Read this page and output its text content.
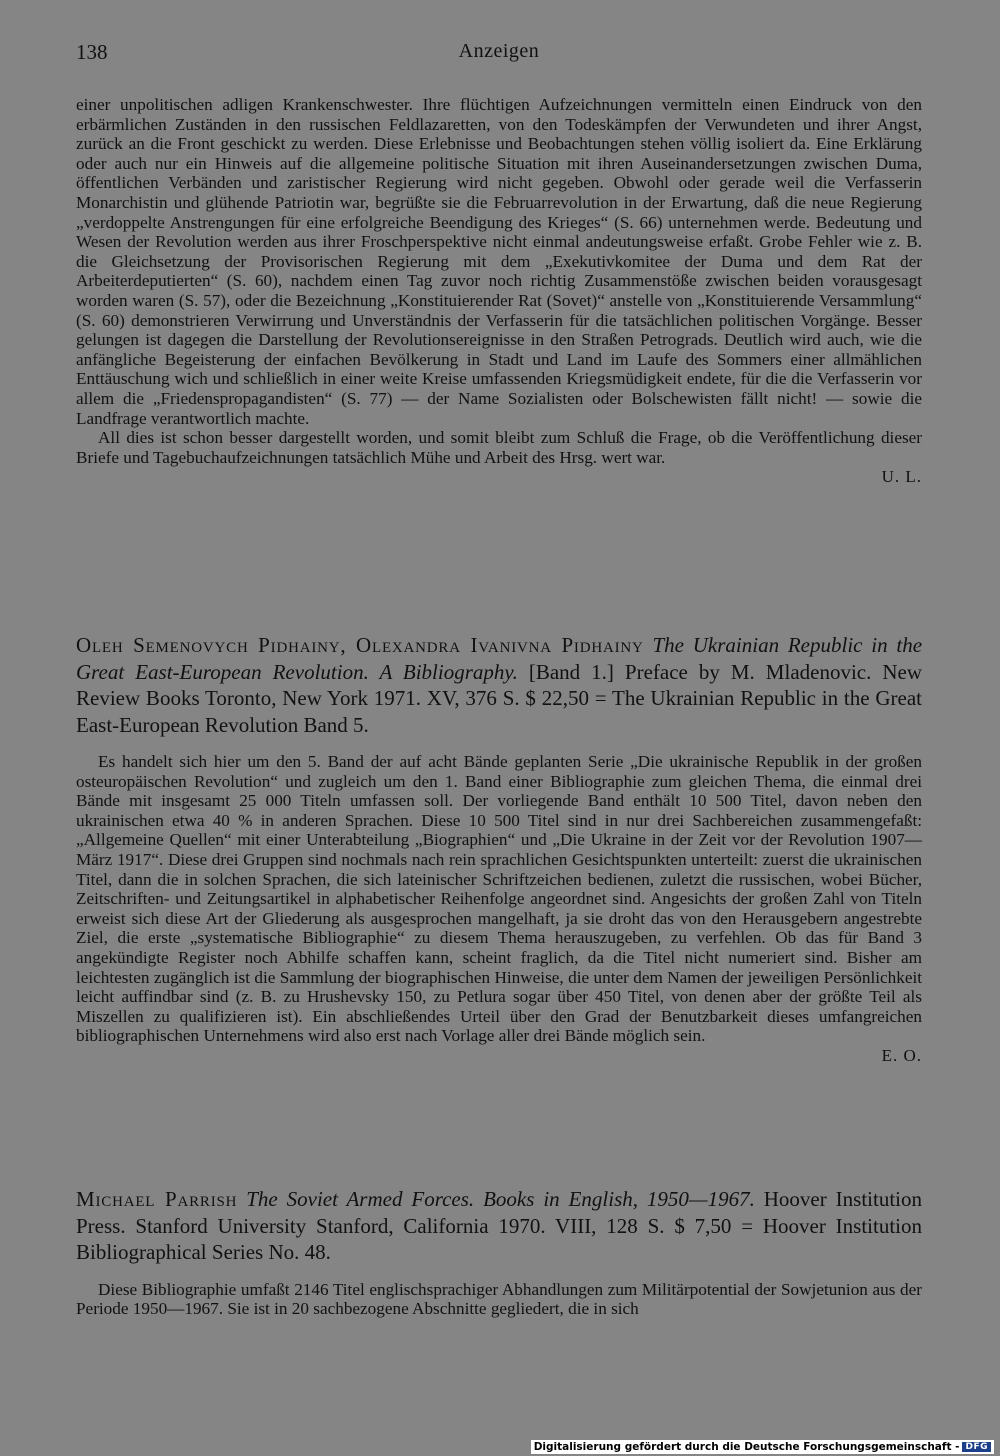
138	Anzeigen

einer unpolitischen adligen Krankenschwester. Ihre flüchtigen Aufzeichnungen vermitteln einen Eindruck von den erbärmlichen Zuständen in den russischen Feldlazaretten, von den Todeskämpfen der Verwundeten und ihrer Angst, zurück an die Front geschickt zu werden. Diese Erlebnisse und Beobachtungen stehen völlig isoliert da. Eine Erklärung oder auch nur ein Hinweis auf die allgemeine politische Situation mit ihren Auseinandersetzungen zwischen Duma, öffentlichen Verbänden und zaristischer Regierung wird nicht gegeben. Obwohl oder gerade weil die Verfasserin Monarchistin und glühende Patriotin war, begrüßte sie die Februarrevolution in der Erwartung, daß die neue Regierung „verdoppelte Anstrengungen für eine erfolgreiche Beendigung des Krieges“ (S. 66) unternehmen werde. Bedeutung und Wesen der Revolution werden aus ihrer Froschperspektive nicht einmal andeutungsweise erfaßt. Grobe Fehler wie z. B. die Gleichsetzung der Provisorischen Regierung mit dem „Exekutivkomitee der Duma und dem Rat der Arbeiterdeputierten“ (S. 60), nachdem einen Tag zuvor noch richtig Zusammenstöße zwischen beiden vorausgesagt worden waren (S. 57), oder die Bezeichnung „Konstituierender Rat (Sovet)“ anstelle von „Konstituierende Versammlung“ (S. 60) demonstrieren Verwirrung und Unverständnis der Verfasserin für die tatsächlichen politischen Vorgänge. Besser gelungen ist dagegen die Darstellung der Revolutionsereignisse in den Straßen Petrograds. Deutlich wird auch, wie die anfängliche Begeisterung der einfachen Bevölkerung in Stadt und Land im Laufe des Sommers einer allmählichen Enttäuschung wich und schließlich in einer weite Kreise umfassenden Kriegsmüdigkeit endete, für die die Verfasserin vor allem die „Friedenspropagandisten“ (S. 77) — der Name Sozialisten oder Bolschewisten fällt nicht! — sowie die Landfrage verantwortlich machte.

All dies ist schon besser dargestellt worden, und somit bleibt zum Schluß die Frage, ob die Veröffentlichung dieser Briefe und Tagebuchaufzeichnungen tatsächlich Mühe und Arbeit des Hrsg. wert war.

U. L.

Oleh Semenovych Pidhainy, Olexandra Ivanivna Pidhainy The Ukrainian Republic in the Great East-European Revolution. A Bibliography. [Band 1.] Preface by M. Mladenovic. New Review Books Toronto, New York 1971. XV, 376 S. $ 22,50 = The Ukrainian Republic in the Great East-European Revolution Band 5.

Es handelt sich hier um den 5. Band der auf acht Bände geplanten Serie „Die ukrainische Republik in der großen osteuropäischen Revolution“ und zugleich um den 1. Band einer Bibliographie zum gleichen Thema, die einmal drei Bände mit insgesamt 25 000 Titeln umfassen soll. Der vorliegende Band enthält 10 500 Titel, davon neben den ukrainischen etwa 40 % in anderen Sprachen. Diese 10 500 Titel sind in nur drei Sachbereichen zusammengefaßt: „Allgemeine Quellen“ mit einer Unterabteilung „Biographien“ und „Die Ukraine in der Zeit vor der Revolution 1907—März 1917“. Diese drei Gruppen sind nochmals nach rein sprachlichen Gesichtspunkten unterteilt: zuerst die ukrainischen Titel, dann die in solchen Sprachen, die sich lateinischer Schriftzeichen bedienen, zuletzt die russischen, wobei Bücher, Zeitschriften- und Zeitungsartikel in alphabetischer Reihenfolge angeordnet sind. Angesichts der großen Zahl von Titeln erweist sich diese Art der Gliederung als ausgesprochen mangelhaft, ja sie droht das von den Herausgebern angestrebte Ziel, die erste „systematische Bibliographie“ zu diesem Thema herauszugeben, zu verfehlen. Ob das für Band 3 angekündigte Register noch Abhilfe schaffen kann, scheint fraglich, da die Titel nicht numeriert sind. Bisher am leichtesten zugänglich ist die Sammlung der biographischen Hinweise, die unter dem Namen der jeweiligen Persönlichkeit leicht auffindbar sind (z. B. zu Hrushevsky 150, zu Petlura sogar über 450 Titel, von denen aber der größte Teil als Miszellen zu qualifizieren ist). Ein abschließendes Urteil über den Grad der Benutzbarkeit dieses umfangreichen bibliographischen Unternehmens wird also erst nach Vorlage aller drei Bände möglich sein.

E. O.

Michael Parrish The Soviet Armed Forces. Books in English, 1950—1967. Hoover Institution Press. Stanford University Stanford, California 1970. VIII, 128 S. $ 7,50 = Hoover Institution Bibliographical Series No. 48.

Diese Bibliographie umfaßt 2146 Titel englischsprachiger Abhandlungen zum Militärpotential der Sowjetunion aus der Periode 1950—1967. Sie ist in 20 sachbezogene Abschnitte gegliedert, die in sich

Digitalisierung gefördert durch die Deutsche Forschungsgemeinschaft - DFG
